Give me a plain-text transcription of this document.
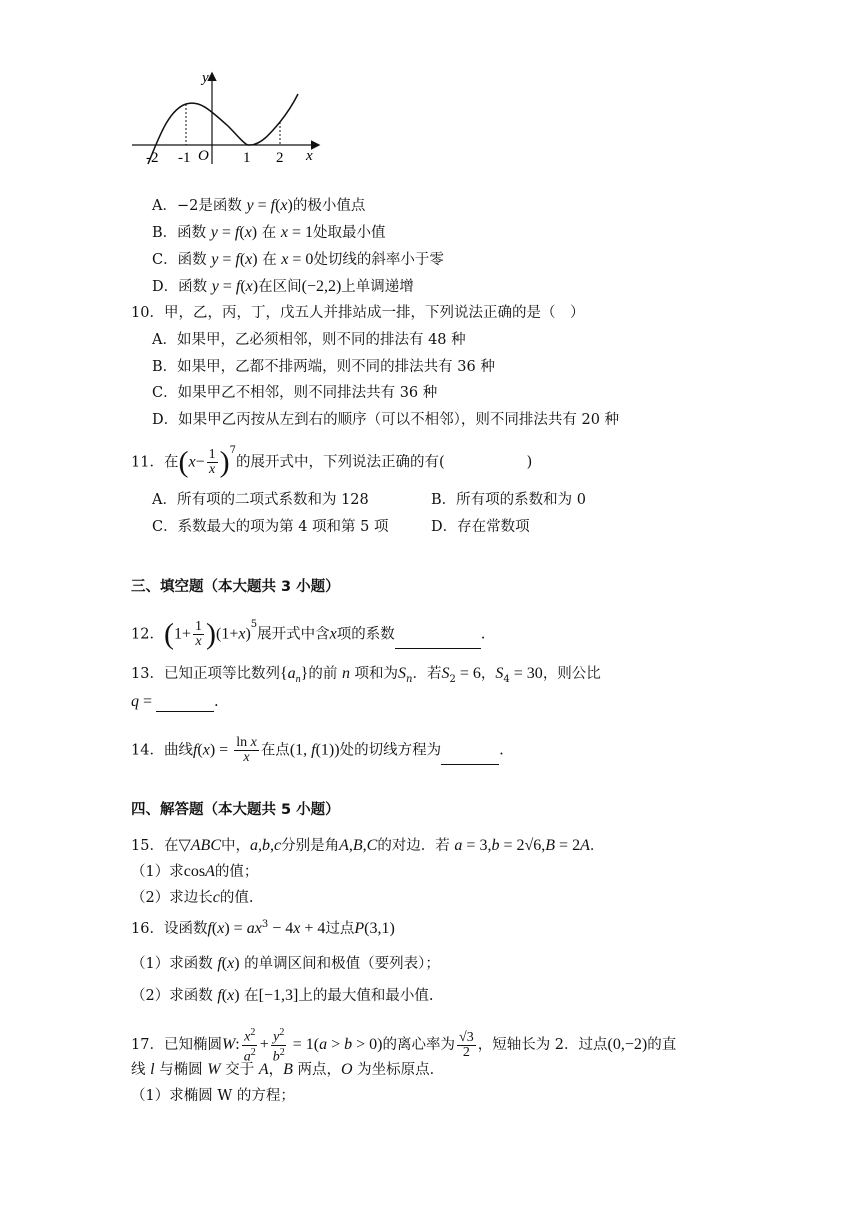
y
x
O
-2 -1	1 2
A．−2是函数 y = f(x)的极小值点
B．函数 y = f(x) 在 x = 1处取最小值
C．函数 y = f(x) 在 x = 0处切线的斜率小于零
D．函数 y = f(x)在区间(−2,2)上单调递增
10．甲，乙，丙，丁，戊五人并排站成一排，下列说法正确的是（　）
A．如果甲，乙必须相邻，则不同的排法有 48 种
B．如果甲，乙都不排两端，则不同的排法共有 36 种
C．如果甲乙不相邻，则不同排法共有 36 种
D．如果甲乙丙按从左到右的顺序（可以不相邻），则不同排法共有 20 种
11．在$(x- \frac{1}{x} )^7$的展开式中，下列说法正确的有(	)
A．所有项的二项式系数和为 128	B．所有项的系数和为 0
C．系数最大的项为第 4 项和第 5 项	D．存在常数项
三、填空题（本大题共 3 小题）
12．$(1+ \frac{1}{x} )(1+x)^5$展开式中含x项的系数	.
13．已知正项等比数列$\{a_n\}$的前 n 项和为$S_n$．若$S_2 = 6$，$S_4 = 30$，则公比
q =	.
14．曲线$f(x) = \frac{\text{ln x}}{x}$ 在点(1, f(1))处的切线方程为	.
四、解答题（本大题共 5 小题）
15．在▽ABC中，a,b,c分别是角A,B,C的对边．若 a = 3,b = 2√6,B = 2A．
（1）求cosA的值；
（2）求边长c的值.
16．设函数$f(x) = ax^3 - 4x + 4$过点P(3,1)
（1）求函数 f(x) 的单调区间和极值（要列表）；
（2）求函数 f(x) 在[−1,3]上的最大值和最小值.
17．已知椭圆W: $\frac{x^2}{a^2} + \frac{y^2}{b^2} = 1(a > b > 0)$的离心率为 $\frac{√3}{2}$ ，短轴长为 2．过点(0,−2)的直
线 l 与椭圆 W 交于 A，B 两点，O 为坐标原点．
（1）求椭圆 W 的方程；
